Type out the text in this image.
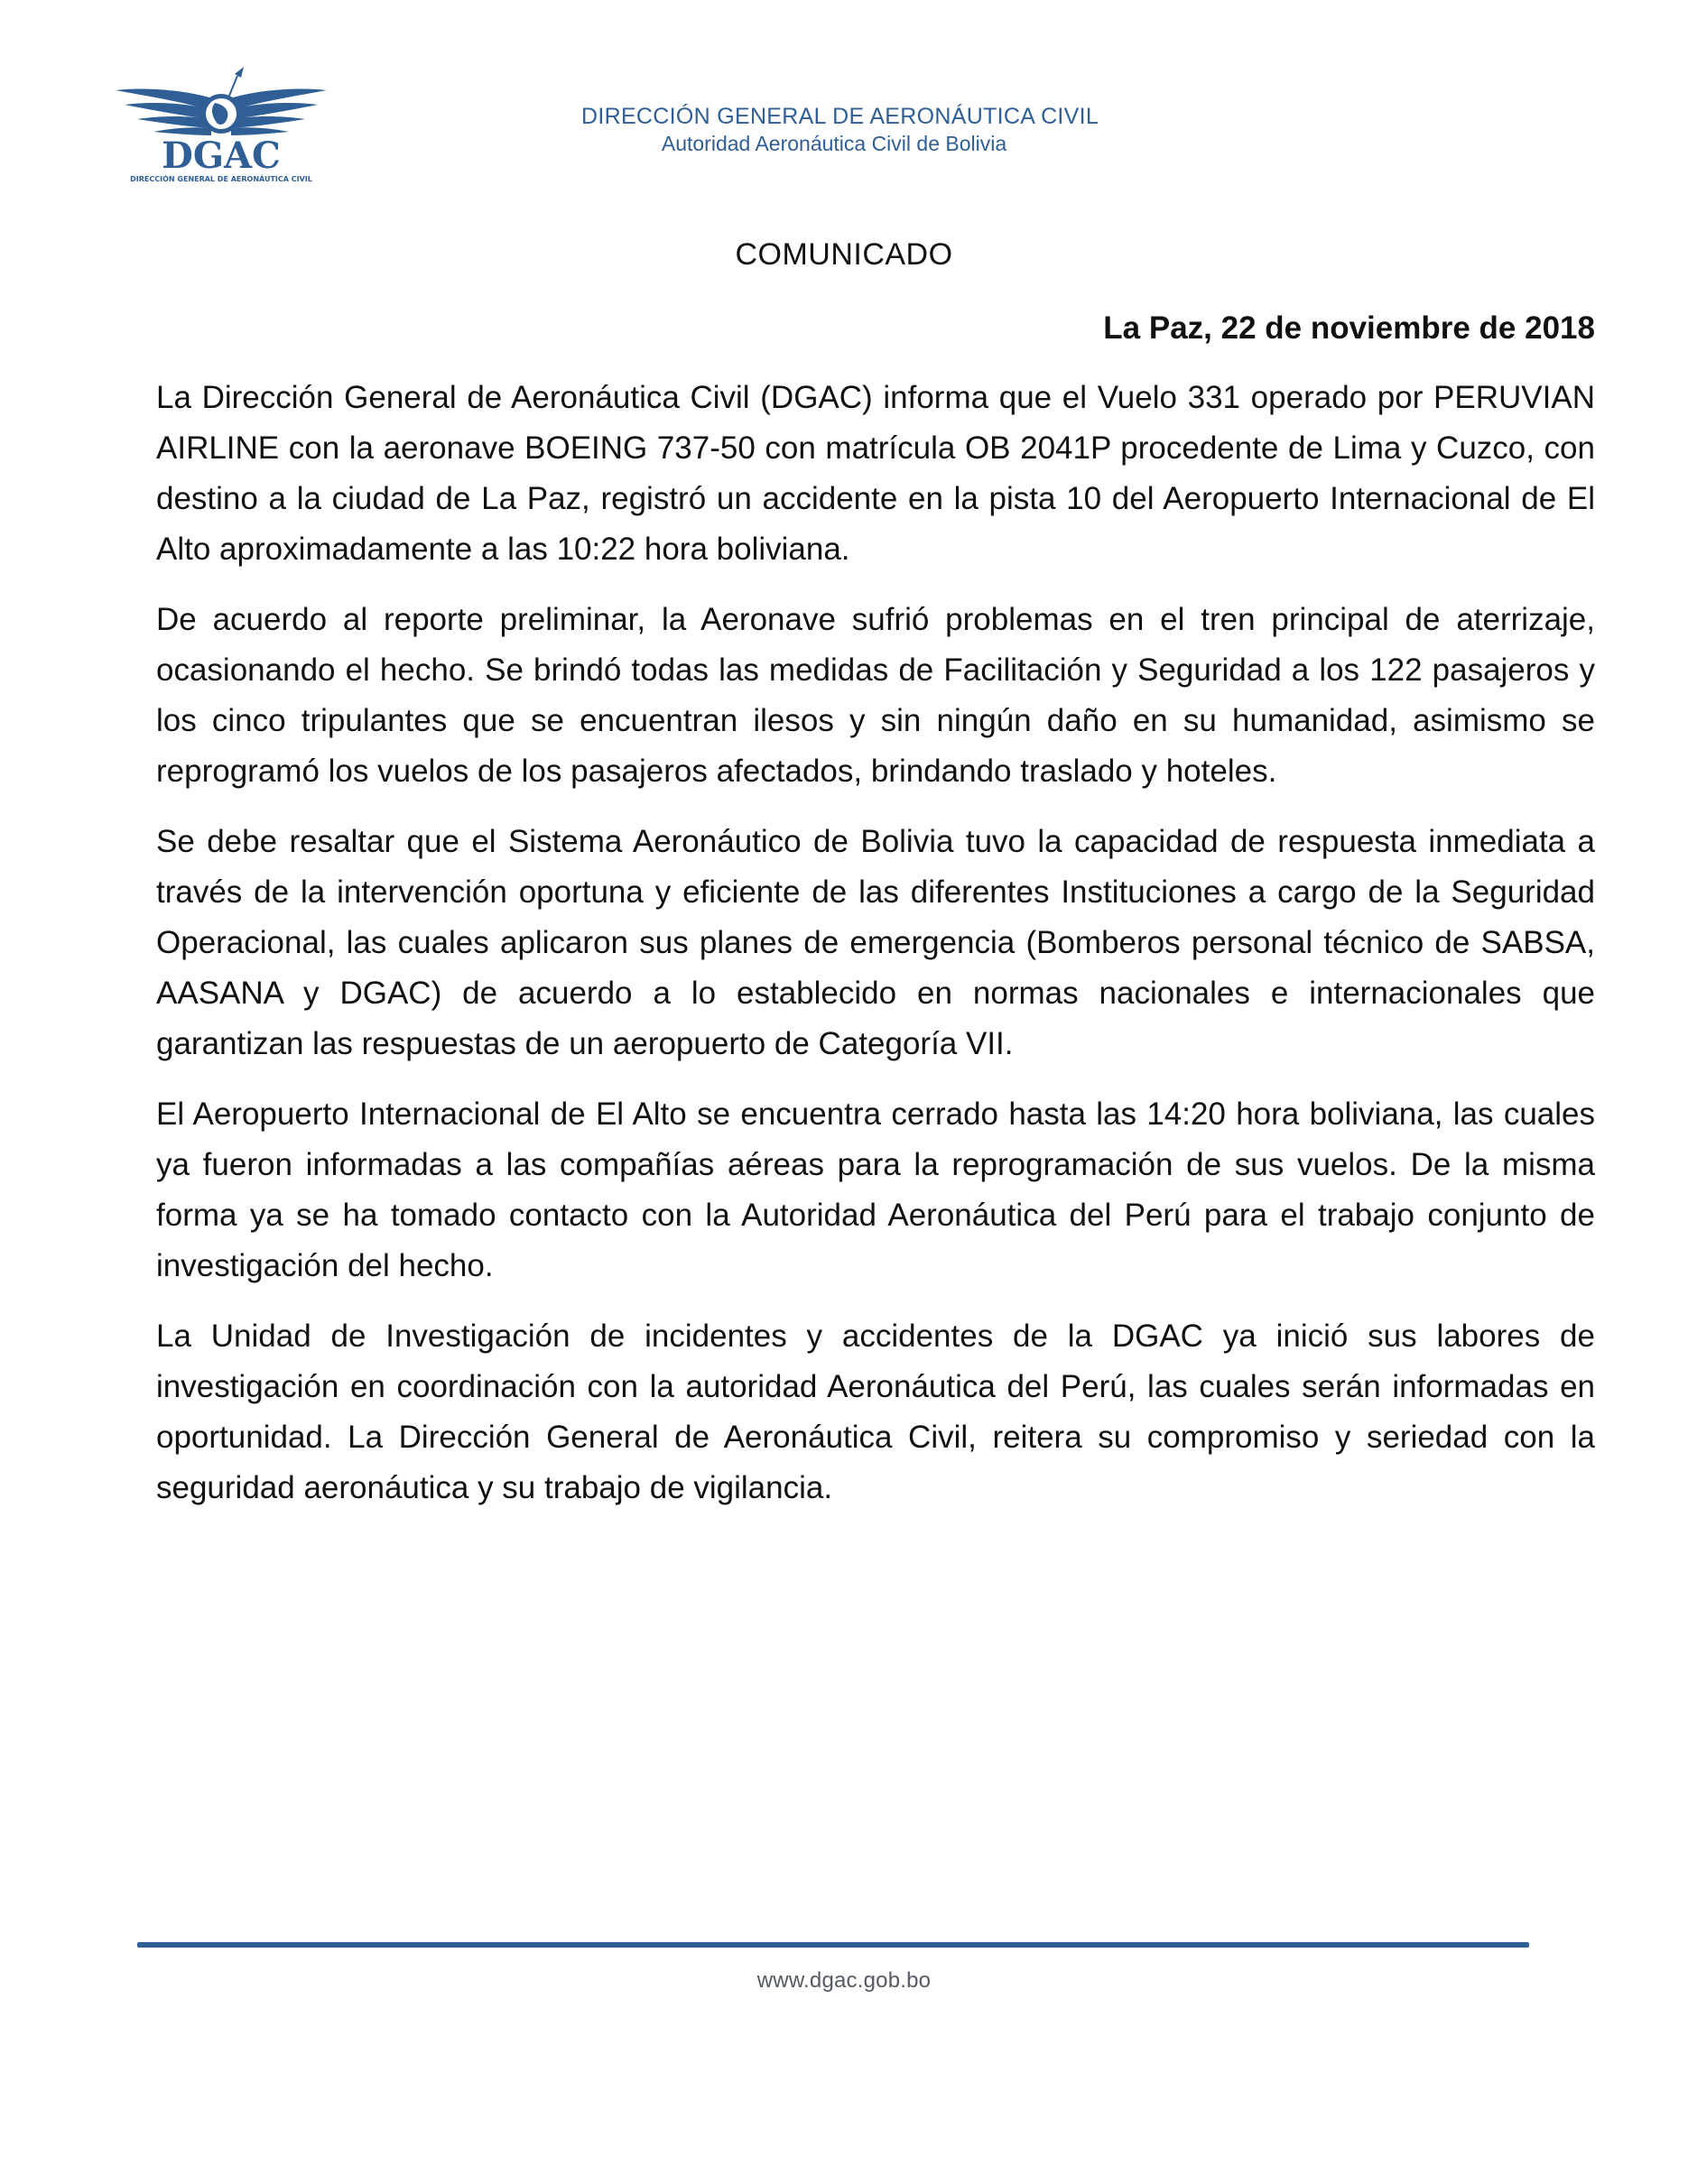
DGAC
DIRECCIÓN GENERAL DE AERONÁUTICA CIVIL
DIRECCIÓN GENERAL DE AERONÁUTICA CIVIL
Autoridad Aeronáutica Civil de Bolivia
COMUNICADO
La Paz, 22 de noviembre de 2018

La Dirección General de Aeronáutica Civil (DGAC) informa que el Vuelo 331 operado por PERUVIAN AIRLINE con la aeronave BOEING 737-50 con matrícula OB 2041P procedente de Lima y Cuzco, con destino a la ciudad de La Paz, registró un accidente en la pista 10 del Aeropuerto Internacional de El Alto aproximadamente a las 10:22 hora boliviana.

De acuerdo al reporte preliminar, la Aeronave sufrió problemas en el tren principal de aterrizaje, ocasionando el hecho. Se brindó todas las medidas de Facilitación y Seguridad a los 122 pasajeros y los cinco tripulantes que se encuentran ilesos y sin ningún daño en su humanidad, asimismo se reprogramó los vuelos de los pasajeros afectados, brindando traslado y hoteles.

Se debe resaltar que el Sistema Aeronáutico de Bolivia tuvo la capacidad de respuesta inmediata a través de la intervención oportuna y eficiente de las diferentes Instituciones a cargo de la Seguridad Operacional, las cuales aplicaron sus planes de emergencia (Bomberos personal técnico de SABSA, AASANA y DGAC) de acuerdo a lo establecido en normas nacionales e internacionales que garantizan las respuestas de un aeropuerto de Categoría VII.

El Aeropuerto Internacional de El Alto se encuentra cerrado hasta las 14:20 hora boliviana, las cuales ya fueron informadas a las compañías aéreas para la reprogramación de sus vuelos. De la misma forma ya se ha tomado contacto con la Autoridad Aeronáutica del Perú para el trabajo conjunto de investigación del hecho.

La Unidad de Investigación de incidentes y accidentes de la DGAC ya inició sus labores de investigación en coordinación con la autoridad Aeronáutica del Perú, las cuales serán informadas en oportunidad. La Dirección General de Aeronáutica Civil, reitera su compromiso y seriedad con la seguridad aeronáutica y su trabajo de vigilancia.

www.dgac.gob.bo
